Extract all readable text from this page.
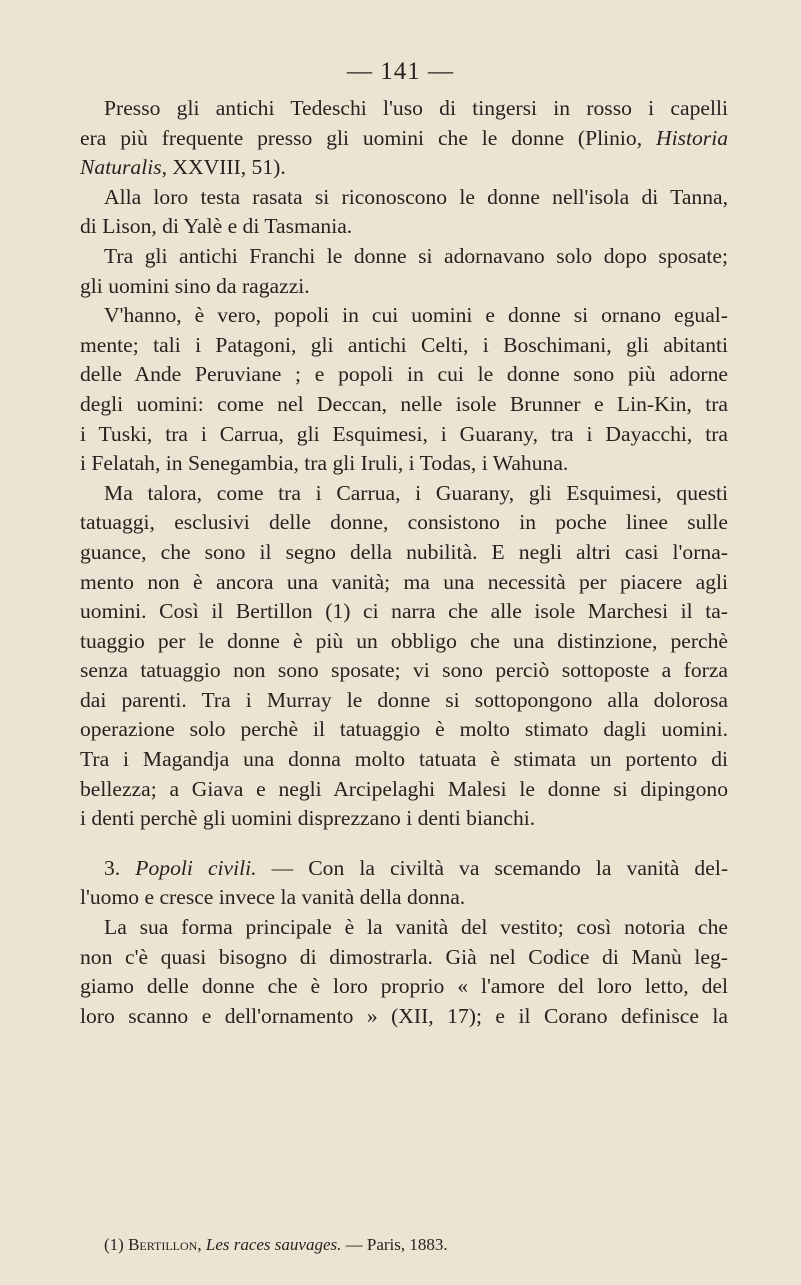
— 141 —
Presso gli antichi Tedeschi l'uso di tingersi in rosso i capelli
era più frequente presso gli uomini che le donne (Plinio, Historia
Naturalis, XXVIII, 51).
Alla loro testa rasata si riconoscono le donne nell'isola di Tanna,
di Lison, di Yalè e di Tasmania.
Tra gli antichi Franchi le donne si adornavano solo dopo sposate;
gli uomini sino da ragazzi.
V'hanno, è vero, popoli in cui uomini e donne si ornano egual-
mente; tali i Patagoni, gli antichi Celti, i Boschimani, gli abitanti
delle Ande Peruviane ; e popoli in cui le donne sono più adorne
degli uomini: come nel Deccan, nelle isole Brunner e Lin-Kin, tra
i Tuski, tra i Carrua, gli Esquimesi, i Guarany, tra i Dayacchi, tra
i Felatah, in Senegambia, tra gli Iruli, i Todas, i Wahuna.
Ma talora, come tra i Carrua, i Guarany, gli Esquimesi, questi
tatuaggi, esclusivi delle donne, consistono in poche linee sulle
guance, che sono il segno della nubilità. E negli altri casi l'orna-
mento non è ancora una vanità; ma una necessità per piacere agli
uomini. Così il Bertillon (1) ci narra che alle isole Marchesi il ta-
tuaggio per le donne è più un obbligo che una distinzione, perchè
senza tatuaggio non sono sposate; vi sono perciò sottoposte a forza
dai parenti. Tra i Murray le donne si sottopongono alla dolorosa
operazione solo perchè il tatuaggio è molto stimato dagli uomini.
Tra i Magandja una donna molto tatuata è stimata un portento di
bellezza; a Giava e negli Arcipelaghi Malesi le donne si dipingono
i denti perchè gli uomini disprezzano i denti bianchi.
3. Popoli civili. — Con la civiltà va scemando la vanità del-
l'uomo e cresce invece la vanità della donna.
La sua forma principale è la vanità del vestito; così notoria che
non c'è quasi bisogno di dimostrarla. Già nel Codice di Manù leg-
giamo delle donne che è loro proprio « l'amore del loro letto, del
loro scanno e dell'ornamento » (XII, 17); e il Corano definisce la
(1) Bertillon, Les races sauvages. — Paris, 1883.
